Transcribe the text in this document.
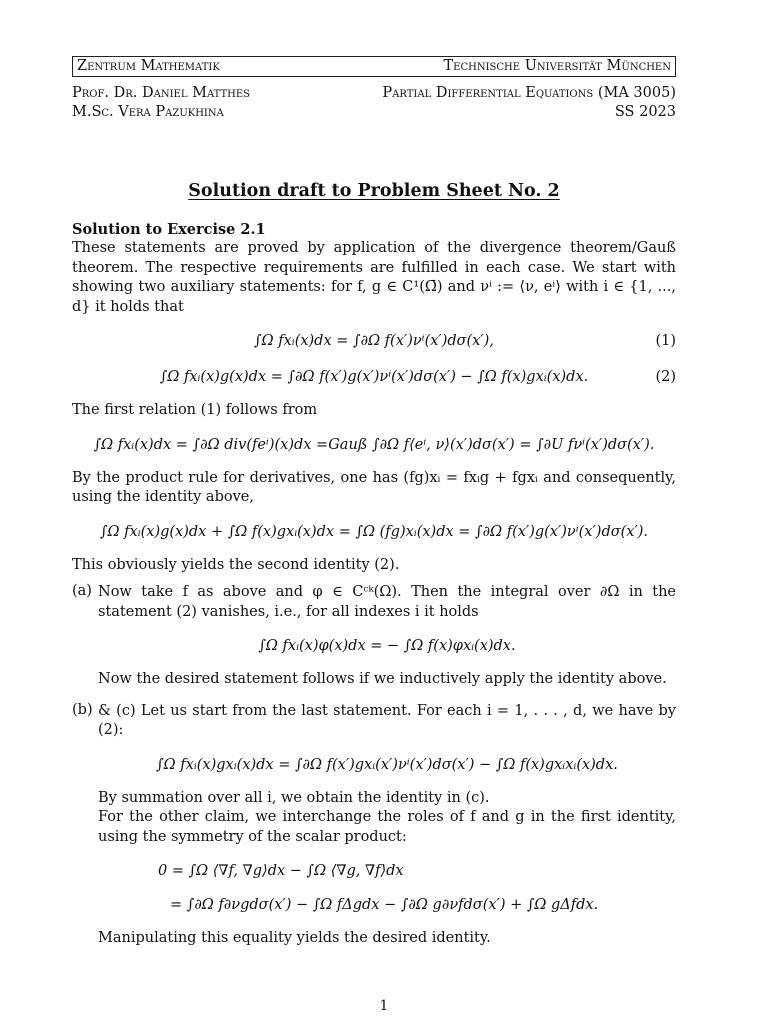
Zentrum Mathematik	Technische Universität München
Prof. Dr. Daniel Matthes	Partial Differential Equations (MA 3005)
M.Sc. Vera Pazukhina	SS 2023
Solution draft to Problem Sheet No. 2
Solution to Exercise 2.1

These statements are proved by application of the divergence theorem/Gauß theorem. The respective requirements are fulfilled in each case. We start with showing two auxiliary statements: for f, g ∈ C¹(Ω̄) and νⁱ := ⟨ν, eⁱ⟩ with i ∈ {1, ..., d} it holds that

∫Ω fxᵢ(x)dx = ∫∂Ω f(x′)νⁱ(x′)dσ(x′),	(1)
∫Ω fxᵢ(x)g(x)dx = ∫∂Ω f(x′)g(x′)νⁱ(x′)dσ(x′) − ∫Ω f(x)gxᵢ(x)dx.	(2)

The first relation (1) follows from

∫Ω fxᵢ(x)dx = ∫∂Ω div(feⁱ)(x)dx =Gauß ∫∂Ω f⟨eⁱ, ν⟩(x′)dσ(x′) = ∫∂U fνⁱ(x′)dσ(x′).

By the product rule for derivatives, one has (fg)xᵢ = fxᵢg + fgxᵢ and consequently, using the identity above,

∫Ω fxᵢ(x)g(x)dx + ∫Ω f(x)gxᵢ(x)dx = ∫Ω (fg)xᵢ(x)dx = ∫∂Ω f(x′)g(x′)νⁱ(x′)dσ(x′).

This obviously yields the second identity (2).

(a) Now take f as above and φ ∈ Cᶜᵏ(Ω). Then the integral over ∂Ω in the statement (2) vanishes, i.e., for all indexes i it holds

∫Ω fxᵢ(x)φ(x)dx = − ∫Ω f(x)φxᵢ(x)dx.

Now the desired statement follows if we inductively apply the identity above.

(b) & (c) Let us start from the last statement. For each i = 1, . . . , d, we have by (2):

∫Ω fxᵢ(x)gxᵢ(x)dx = ∫∂Ω f(x′)gxᵢ(x′)νⁱ(x′)dσ(x′) − ∫Ω f(x)gxᵢxᵢ(x)dx.

By summation over all i, we obtain the identity in (c).

For the other claim, we interchange the roles of f and g in the first identity, using the symmetry of the scalar product:

0 = ∫Ω ⟨∇f, ∇g⟩dx − ∫Ω ⟨∇g, ∇f⟩dx
= ∫∂Ω f∂νgdσ(x′) − ∫Ω fΔgdx − ∫∂Ω g∂νfdσ(x′) + ∫Ω gΔfdx.

Manipulating this equality yields the desired identity.

1
